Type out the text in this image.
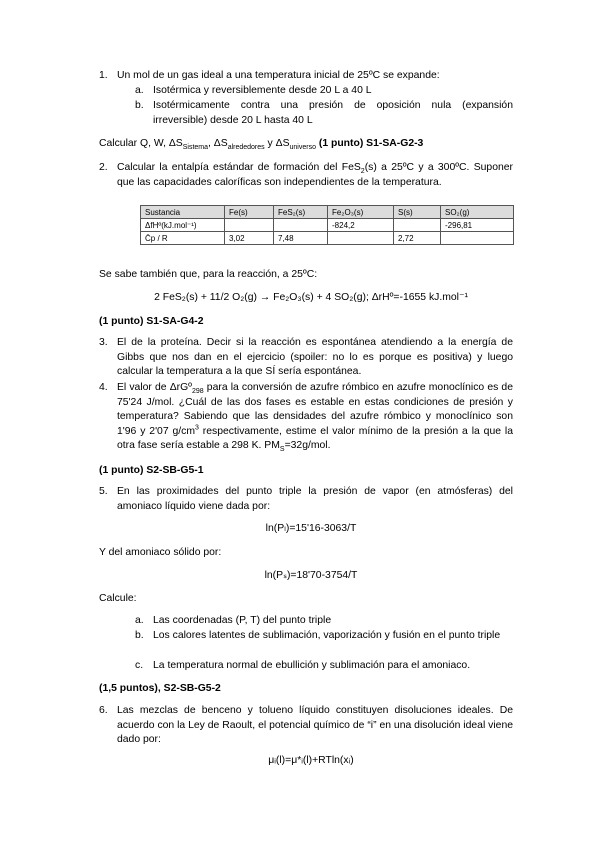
1. Un mol de un gas ideal a una temperatura inicial de 25ºC se expande:
a. Isotérmica y reversiblemente desde 20 L a 40 L
b. Isotérmicamente contra una presión de oposición nula (expansión irreversible) desde 20 L hasta 40 L
Calcular Q, W, $\Delta S_{Sistema}$, $\Delta S_{alrededores}$ y $\Delta S_{universo}$ (1 punto) S1-SA-G2-3
2. Calcular la entalpía estándar de formación del FeS$_2$(s) a 25ºC y a 300ºC. Suponer que las capacidades caloríficas son independientes de la temperatura.
Sustancia	Fe(s)	FeS₂(s)	Fe₂O₃(s)	S(s)	SO₂(g)
ΔfHº(kJ.mol⁻¹)			-824,2		-296,81
C̄p / R	3,02	7,48		2,72	
Se sabe también que, para la reacción, a 25ºC:
2 FeS₂(s) + 11/2 O₂(g) → Fe₂O₃(s) + 4 SO₂(g); ΔrHº=-1655 kJ.mol⁻¹
(1 punto) S1-SA-G4-2
3. El de la proteína. Decir si la reacción es espontánea atendiendo a la energía de Gibbs que nos dan en el ejercicio (spoiler: no lo es porque es positiva) y luego calcular la temperatura a la que SÍ sería espontánea.
4. El valor de ΔrGº$_{298}$ para la conversión de azufre rómbico en azufre monoclínico es de 75'24 J/mol. ¿Cuál de las dos fases es estable en estas condiciones de presión y temperatura? Sabiendo que las densidades del azufre rómbico y monoclínico son 1'96 y 2'07 $g/cm^3$ respectivamente, estime el valor mínimo de la presión a la que la otra fase sería estable a 298 K. $PM_S=32g$/mol.
(1 punto) S2-SB-G5-1
5. En las proximidades del punto triple la presión de vapor (en atmósferas) del amoniaco líquido viene dada por:
ln(Pₗ)=15'16-3063/T
Y del amoniaco sólido por:
ln(Pₛ)=18'70-3754/T
Calcule:
a. Las coordenadas (P, T) del punto triple
b. Los calores latentes de sublimación, vaporización y fusión en el punto triple
c. La temperatura normal de ebullición y sublimación para el amoniaco.
(1,5 puntos), S2-SB-G5-2
6. Las mezclas de benceno y tolueno líquido constituyen disoluciones ideales. De acuerdo con la Ley de Raoult, el potencial químico de “i” en una disolución ideal viene dado por:
μᵢ(l)=μ*ᵢ(l)+RTln(xᵢ)
